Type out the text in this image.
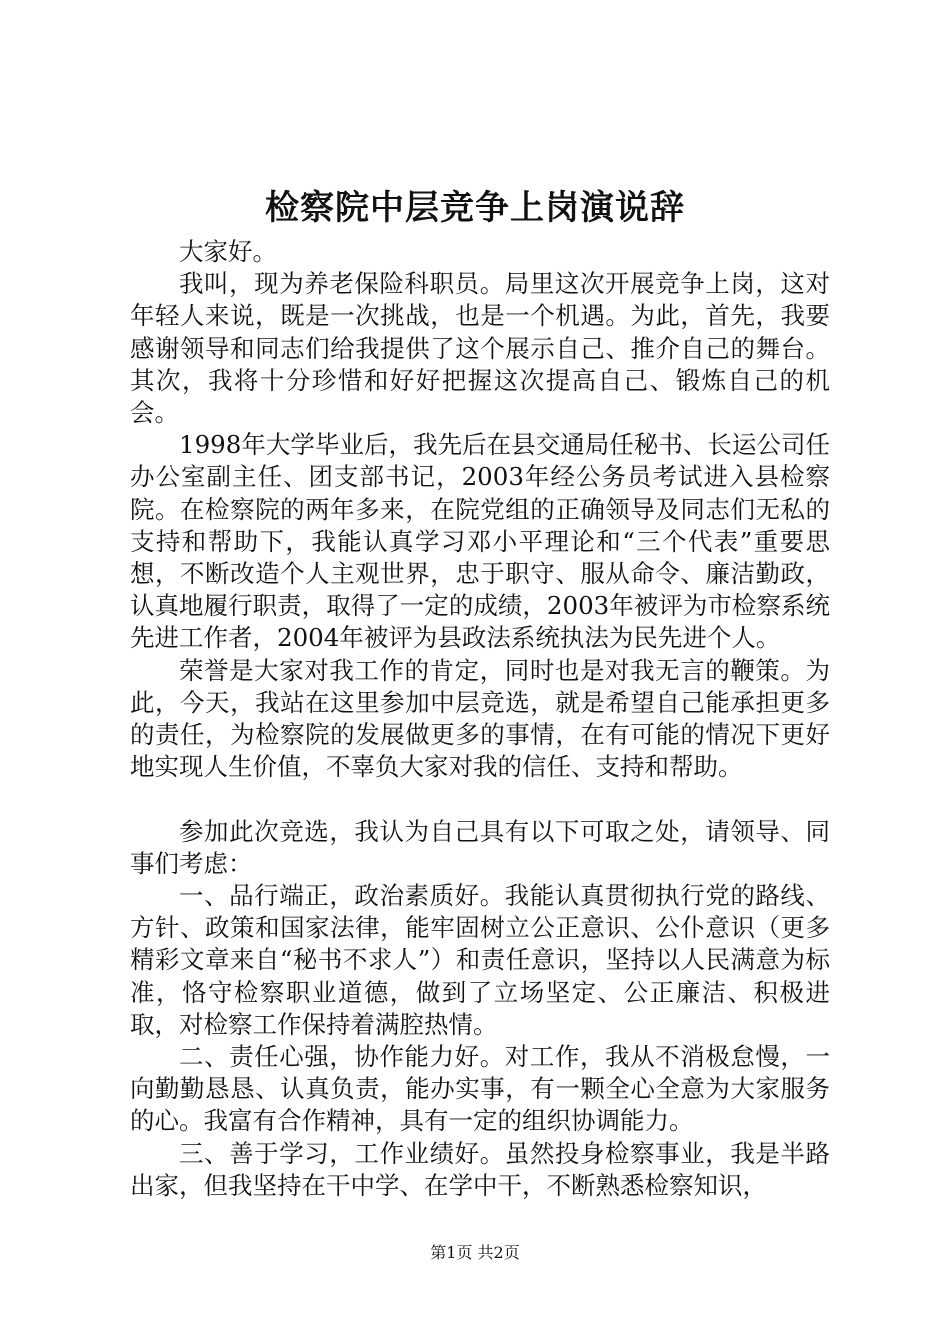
检察院中层竞争上岗演说辞

大家好。

我叫，现为养老保险科职员。局里这次开展竞争上岗，这对年轻人来说，既是一次挑战，也是一个机遇。为此，首先，我要感谢领导和同志们给我提供了这个展示自己、推介自己的舞台。其次，我将十分珍惜和好好把握这次提高自己、锻炼自己的机会。

1998年大学毕业后，我先后在县交通局任秘书、长运公司任办公室副主任、团支部书记，2003年经公务员考试进入县检察院。在检察院的两年多来，在院党组的正确领导及同志们无私的支持和帮助下，我能认真学习邓小平理论和“三个代表”重要思想，不断改造个人主观世界，忠于职守、服从命令、廉洁勤政，认真地履行职责，取得了一定的成绩，2003年被评为市检察系统先进工作者，2004年被评为县政法系统执法为民先进个人。

荣誉是大家对我工作的肯定，同时也是对我无言的鞭策。为此，今天，我站在这里参加中层竞选，就是希望自己能承担更多的责任，为检察院的发展做更多的事情，在有可能的情况下更好地实现人生价值，不辜负大家对我的信任、支持和帮助。

参加此次竞选，我认为自己具有以下可取之处，请领导、同事们考虑：

一、品行端正，政治素质好。我能认真贯彻执行党的路线、方针、政策和国家法律，能牢固树立公正意识、公仆意识（更多精彩文章来自“秘书不求人”）和责任意识，坚持以人民满意为标准，恪守检察职业道德，做到了立场坚定、公正廉洁、积极进取，对检察工作保持着满腔热情。

二、责任心强，协作能力好。对工作，我从不消极怠慢，一向勤勤恳恳、认真负责，能办实事，有一颗全心全意为大家服务的心。我富有合作精神，具有一定的组织协调能力。

三、善于学习，工作业绩好。虽然投身检察事业，我是半路出家，但我坚持在干中学、在学中干，不断熟悉检察知识，

第1页 共2页
